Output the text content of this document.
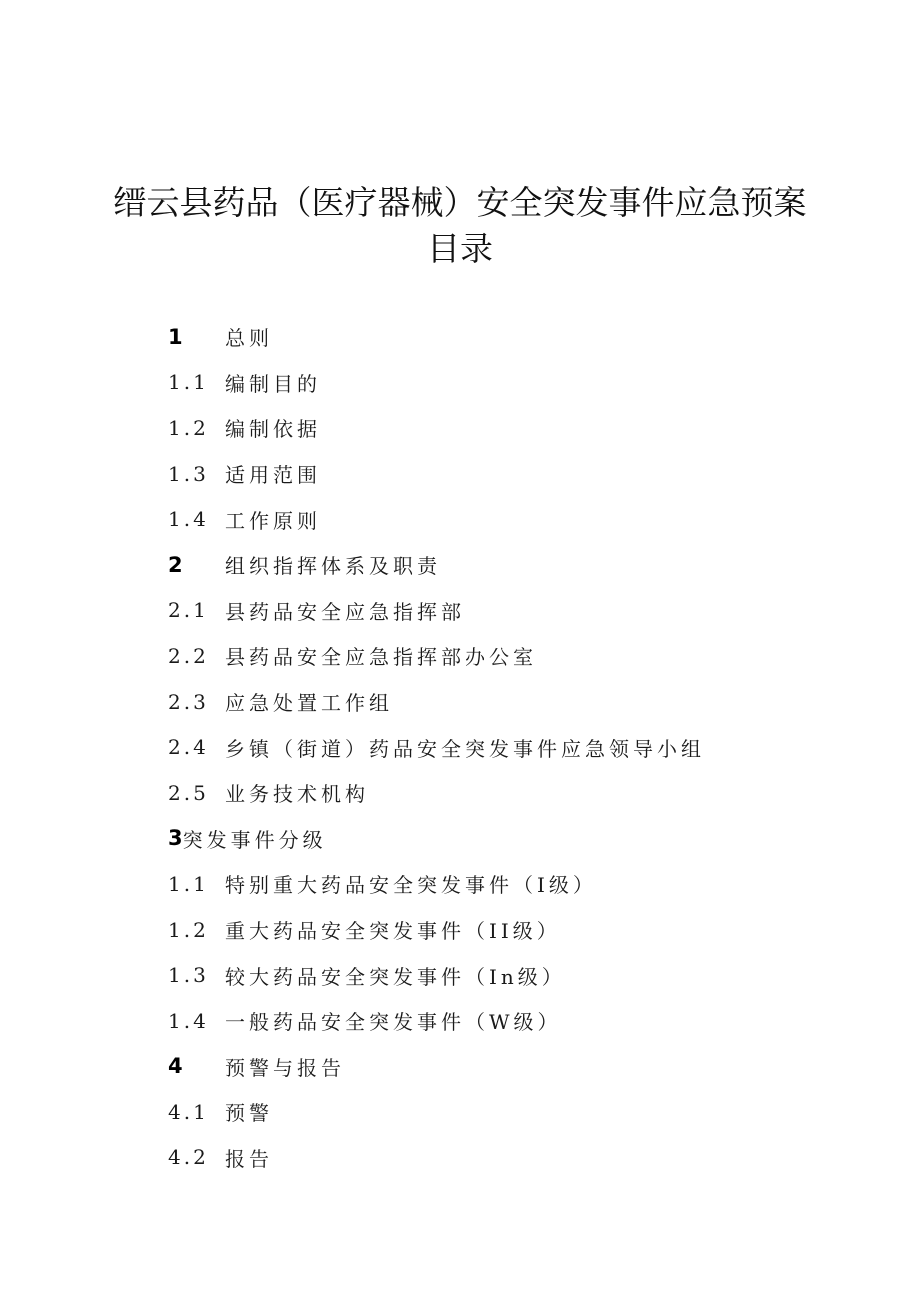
缙云县药品（医疗器械）安全突发事件应急预案
目录
1	总则
1.1 编制目的
1.2 编制依据
1.3 适用范围
1.4 工作原则
2	组织指挥体系及职责
2.1 县药品安全应急指挥部
2.2 县药品安全应急指挥部办公室
2.3 应急处置工作组
2.4 乡镇（街道）药品安全突发事件应急领导小组
2.5 业务技术机构
3 突发事件分级
1.1 特别重大药品安全突发事件（I级）
1.2 重大药品安全突发事件（II级）
1.3 较大药品安全突发事件（In级）
1.4 一般药品安全突发事件（W级）
4	预警与报告
4.1 预警
4.2 报告
